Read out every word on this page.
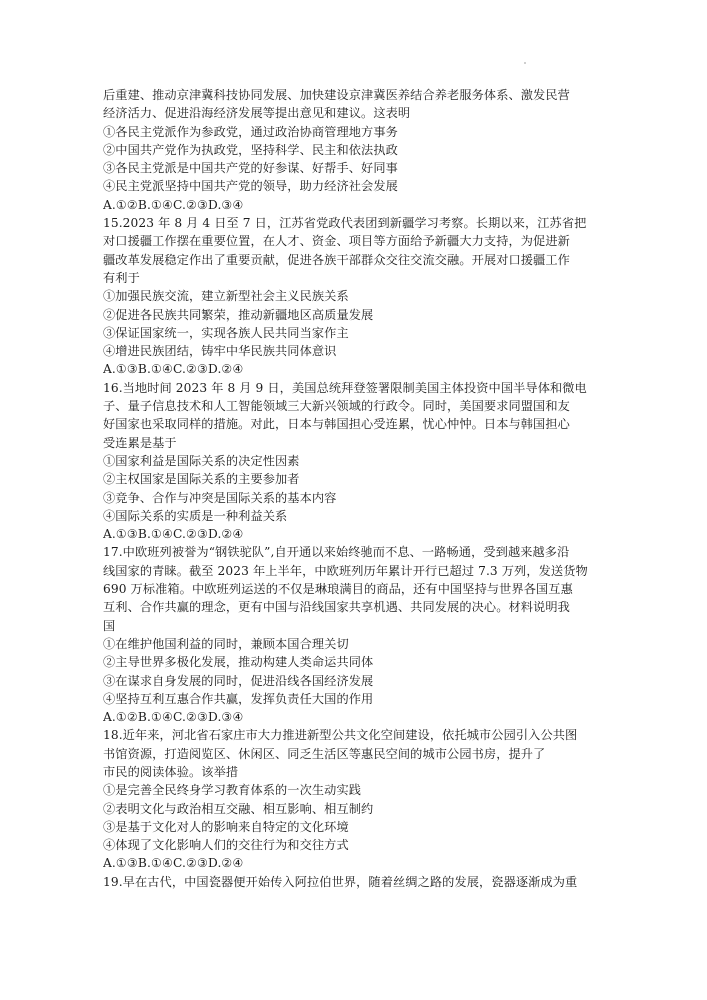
后重建、推动京津冀科技协同发展、加快建设京津冀医养结合养老服务体系、激发民营
经济活力、促进沿海经济发展等提出意见和建议。这表明
①各民主党派作为参政党，通过政治协商管理地方事务
②中国共产党作为执政党，坚持科学、民主和依法执政
③各民主党派是中国共产党的好参谋、好帮手、好同事
④民主党派坚持中国共产党的领导，助力经济社会发展
A.①②B.①④C.②③D.③④
15.2023 年 8 月 4 日至 7 日，江苏省党政代表团到新疆学习考察。长期以来，江苏省把
对口援疆工作摆在重要位置，在人才、资金、项目等方面给予新疆大力支持，为促进新
疆改革发展稳定作出了重要贡献，促进各族干部群众交往交流交融。开展对口援疆工作
有利于
①加强民族交流，建立新型社会主义民族关系
②促进各民族共同繁荣，推动新疆地区高质量发展
③保证国家统一，实现各族人民共同当家作主
④增进民族团结，铸牢中华民族共同体意识
A.①③B.①④C.②③D.②④
16.当地时间 2023 年 8 月 9 日，美国总统拜登签署限制美国主体投资中国半导体和微电
子、量子信息技术和人工智能领域三大新兴领域的行政令。同时，美国要求同盟国和友
好国家也采取同样的措施。对此，日本与韩国担心受连累，忧心忡忡。日本与韩国担心
受连累是基于
①国家利益是国际关系的决定性因素
②主权国家是国际关系的主要参加者
③竞争、合作与冲突是国际关系的基本内容
④国际关系的实质是一种利益关系
A.①③B.①④C.②③D.②④
17.中欧班列被誉为“钢铁驼队”,自开通以来始终驰而不息、一路畅通，受到越来越多沿
线国家的青睐。截至 2023 年上半年，中欧班列历年累计开行已超过 7.3 万列，发送货物
690 万标准箱。中欧班列运送的不仅是琳琅满目的商品，还有中国坚持与世界各国互惠
互利、合作共赢的理念，更有中国与沿线国家共享机遇、共同发展的决心。材料说明我
国
①在维护他国利益的同时，兼顾本国合理关切
②主导世界多极化发展，推动构建人类命运共同体
③在谋求自身发展的同时，促进沿线各国经济发展
④坚持互利互惠合作共赢，发挥负责任大国的作用
A.①②B.①④C.②③D.③④
18.近年来，河北省石家庄市大力推进新型公共文化空间建设，依托城市公园引入公共图
书馆资源，打造阅览区、休闲区、同乏生活区等惠民空间的城市公园书房，提升了
市民的阅读体验。该举措
①是完善全民终身学习教育体系的一次生动实践
②表明文化与政治相互交融、相互影响、相互制约
③是基于文化对人的影响来自特定的文化环境
④体现了文化影响人们的交往行为和交往方式
A.①③B.①④C.②③D.②④
19.早在古代，中国瓷器便开始传入阿拉伯世界，随着丝绸之路的发展，瓷器逐渐成为重
